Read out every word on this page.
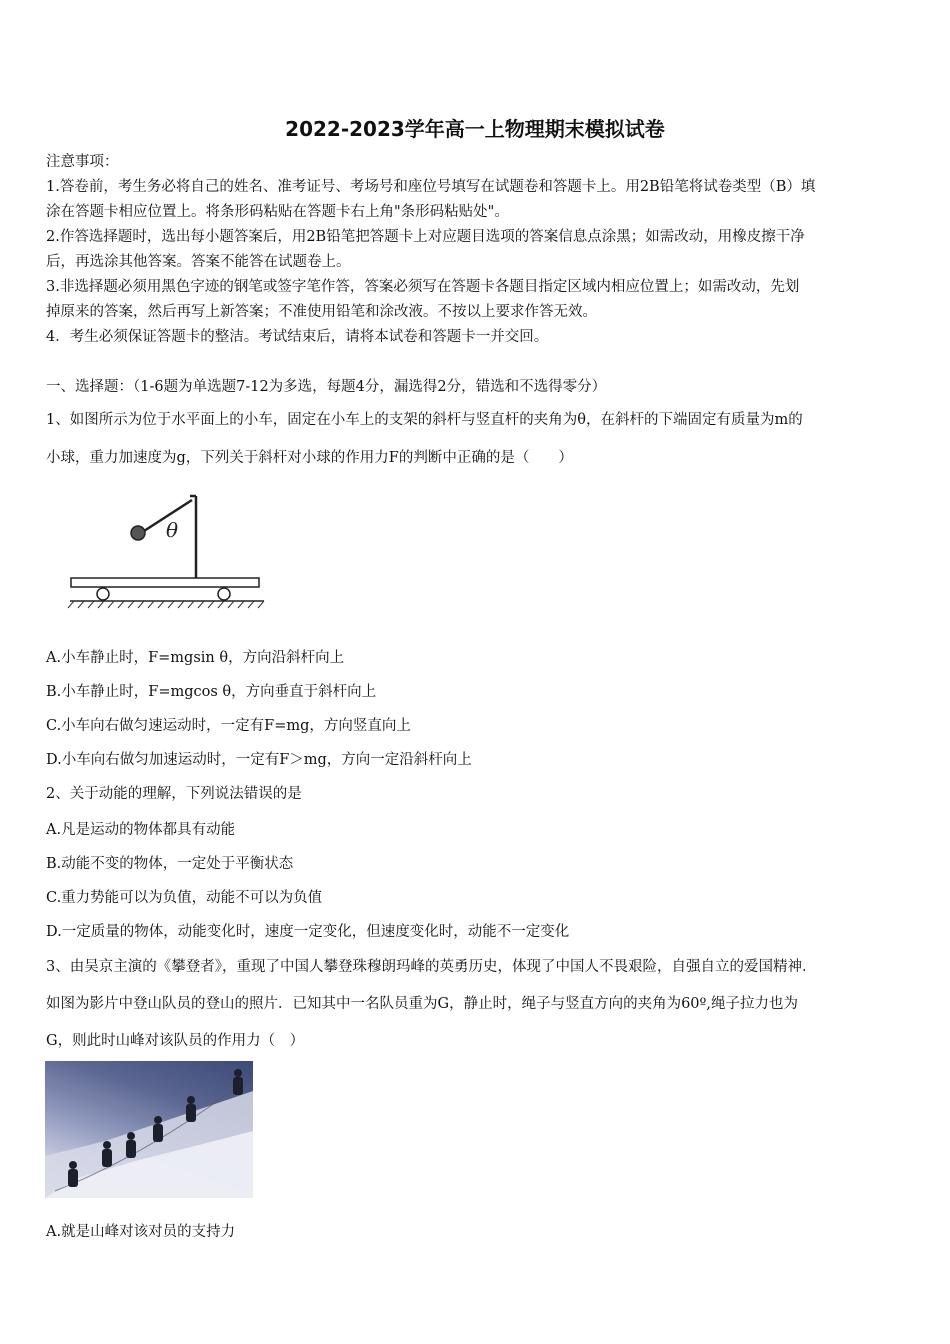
2022-2023学年高一上物理期末模拟试卷
注意事项：
1.答卷前，考生务必将自己的姓名、准考证号、考场号和座位号填写在试题卷和答题卡上。用2B铅笔将试卷类型（B）填
涂在答题卡相应位置上。将条形码粘贴在答题卡右上角"条形码粘贴处"。
2.作答选择题时，选出每小题答案后，用2B铅笔把答题卡上对应题目选项的答案信息点涂黑；如需改动，用橡皮擦干净
后，再选涂其他答案。答案不能答在试题卷上。
3.非选择题必须用黑色字迹的钢笔或签字笔作答，答案必须写在答题卡各题目指定区域内相应位置上；如需改动，先划
掉原来的答案，然后再写上新答案；不准使用铅笔和涂改液。不按以上要求作答无效。
4．考生必须保证答题卡的整洁。考试结束后，请将本试卷和答题卡一并交回。
一、选择题：（1-6题为单选题7-12为多选，每题4分，漏选得2分，错选和不选得零分）
1、如图所示为位于水平面上的小车，固定在小车上的支架的斜杆与竖直杆的夹角为θ，在斜杆的下端固定有质量为m的
小球，重力加速度为g，下列关于斜杆对小球的作用力F的判断中正确的是（　　）
θ
A.小车静止时，F=mgsin θ，方向沿斜杆向上
B.小车静止时，F=mgcos θ，方向垂直于斜杆向上
C.小车向右做匀速运动时，一定有F=mg，方向竖直向上
D.小车向右做匀加速运动时，一定有F＞mg，方向一定沿斜杆向上
2、关于动能的理解，下列说法错误的是
A.凡是运动的物体都具有动能
B.动能不变的物体，一定处于平衡状态
C.重力势能可以为负值，动能不可以为负值
D.一定质量的物体，动能变化时，速度一定变化，但速度变化时，动能不一定变化
3、由吴京主演的《攀登者》，重现了中国人攀登珠穆朗玛峰的英勇历史，体现了中国人不畏艰险，自强自立的爱国精神．
如图为影片中登山队员的登山的照片．已知其中一名队员重为G，静止时，绳子与竖直方向的夹角为60º,绳子拉力也为
G，则此时山峰对该队员的作用力（　）
A.就是山峰对该对员的支持力
